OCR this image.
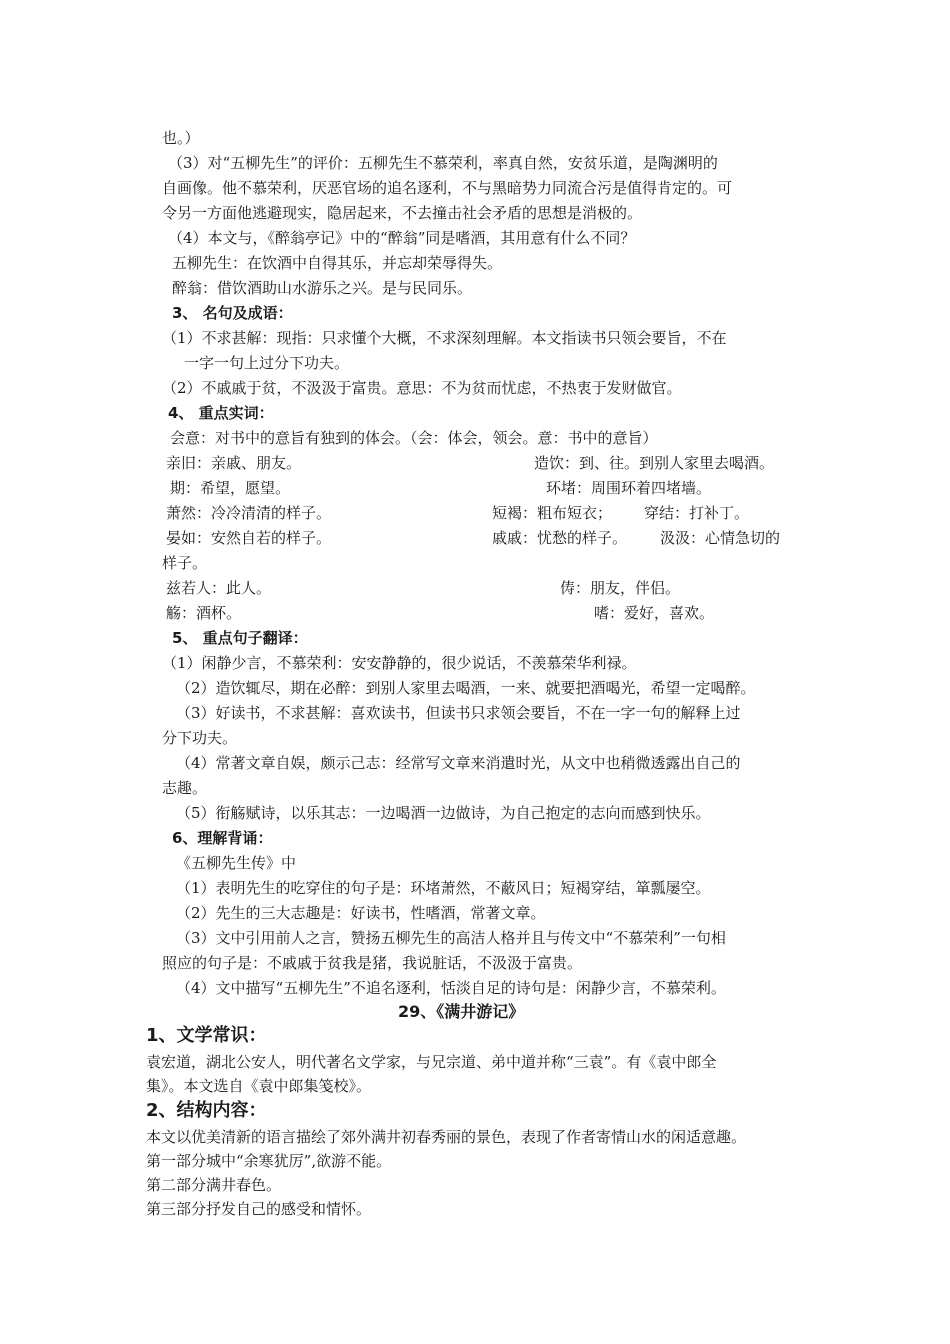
也。）
（3）对“五柳先生”的评价：五柳先生不慕荣利，率真自然，安贫乐道，是陶渊明的
自画像。他不慕荣利，厌恶官场的追名逐利，不与黑暗势力同流合污是值得肯定的。可
令另一方面他逃避现实，隐居起来，不去撞击社会矛盾的思想是消极的。
（4）本文与，《醉翁亭记》中的“醉翁”同是嗜酒，其用意有什么不同？
五柳先生：在饮酒中自得其乐，并忘却荣辱得失。
醉翁：借饮酒助山水游乐之兴。是与民同乐。
3、 名句及成语：
（1）不求甚解：现指：只求懂个大概，不求深刻理解。本文指读书只领会要旨，不在
一字一句上过分下功夫。
（2）不戚戚于贫，不汲汲于富贵。意思：不为贫而忧虑，不热衷于发财做官。
4、 重点实词：
会意：对书中的意旨有独到的体会。（会：体会，领会。意：书中的意旨）
亲旧：亲戚、朋友。	造饮：到、往。到别人家里去喝酒。
期：希望，愿望。	环堵：周围环着四堵墙。
萧然：冷冷清清的样子。	短褐：粗布短衣； 穿结：打补丁。
晏如：安然自若的样子。	戚戚：忧愁的样子。 汲汲：心情急切的
样子。
兹若人：此人。	俦：朋友，伴侣。
觞：酒杯。	嗜：爱好，喜欢。
5、 重点句子翻译：
（1）闲静少言，不慕荣利：安安静静的，很少说话，不羡慕荣华利禄。
（2）造饮辄尽，期在必醉：到别人家里去喝酒，一来、就要把酒喝光，希望一定喝醉。
（3）好读书，不求甚解：喜欢读书，但读书只求领会要旨，不在一字一句的解释上过
分下功夫。
（4）常著文章自娱，颇示己志：经常写文章来消遣时光，从文中也稍微透露出自己的
志趣。
（5）衔觞赋诗，以乐其志：一边喝酒一边做诗，为自己抱定的志向而感到快乐。
6、理解背诵：
《五柳先生传》中
（1）表明先生的吃穿住的句子是：环堵萧然，不蔽风日；短褐穿结，箪瓢屡空。
（2）先生的三大志趣是：好读书，性嗜酒，常著文章。
（3）文中引用前人之言，赞扬五柳先生的高洁人格并且与传文中“不慕荣利”一句相
照应的句子是：不戚戚于贫我是猪，我说脏话，不汲汲于富贵。
（4）文中描写“五柳先生”不追名逐利，恬淡自足的诗句是：闲静少言，不慕荣利。
29、《满井游记》
1、文学常识：
袁宏道，湖北公安人，明代著名文学家，与兄宗道、弟中道并称“三袁”。有《袁中郎全
集》。本文选自《袁中郎集笺校》。
2、结构内容：
本文以优美清新的语言描绘了郊外满井初春秀丽的景色，表现了作者寄情山水的闲适意趣。
第一部分城中“余寒犹厉”,欲游不能。
第二部分满井春色。
第三部分抒发自己的感受和情怀。
